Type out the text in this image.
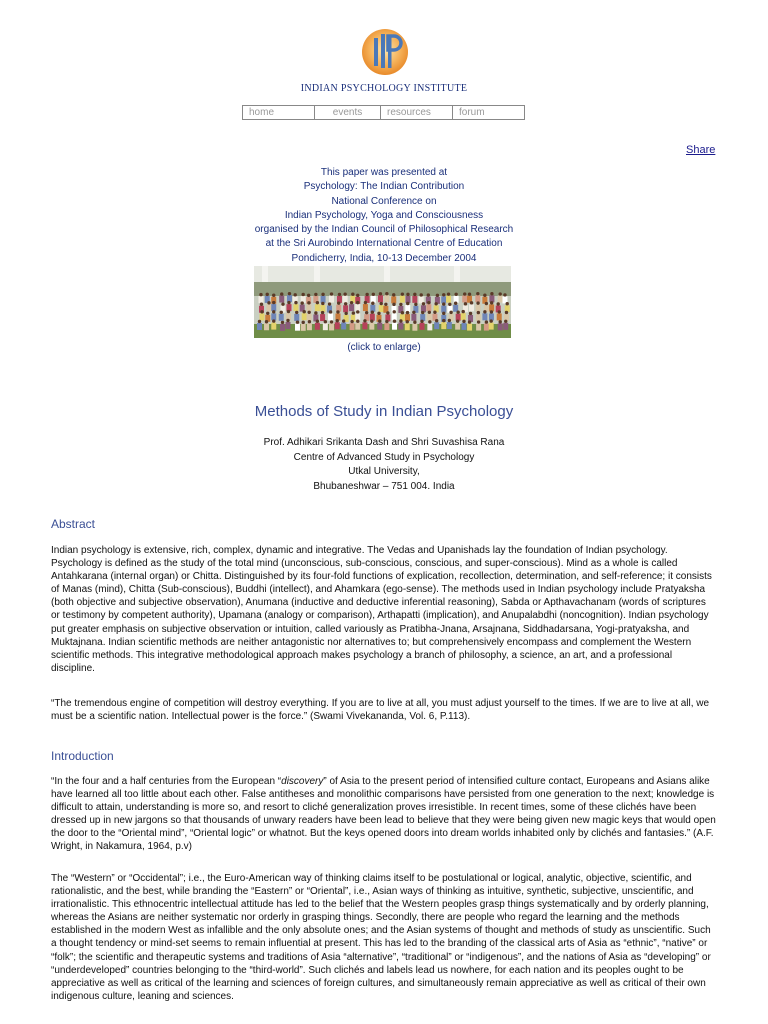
INDIAN PSYCHOLOGY INSTITUTE
home	events	resources	forum
Share
This paper was presented at
Psychology: The Indian Contribution
National Conference on
Indian Psychology, Yoga and Consciousness
organised by the Indian Council of Philosophical Research
at the Sri Aurobindo International Centre of Education
Pondicherry, India, 10-13 December 2004
(click to enlarge)
Methods of Study in Indian Psychology
Prof. Adhikari Srikanta Dash and Shri Suvashisa Rana
Centre of Advanced Study in Psychology
Utkal University,
Bhubaneshwar – 751 004. India
Abstract

Indian psychology is extensive, rich, complex, dynamic and integrative. The Vedas and Upanishads lay the foundation of Indian psychology. Psychology is defined as the study of the total mind (unconscious, sub-conscious, conscious, and super-conscious). Mind as a whole is called Antahkarana (internal organ) or Chitta. Distinguished by its four-fold functions of explication, recollection, determination, and self-reference; it consists of Manas (mind), Chitta (Sub-conscious), Buddhi (intellect), and Ahamkara (ego-sense). The methods used in Indian psychology include Pratyaksha (both objective and subjective observation), Anumana (inductive and deductive inferential reasoning), Sabda or Apthavachanam (words of scriptures or testimony by competent authority), Upamana (analogy or comparison), Arthapatti (implication), and Anupalabdhi (noncognition). Indian psychology put greater emphasis on subjective observation or intuition, called variously as Pratibha-Jnana, Arsajnana, Siddhadarsana, Yogi-pratyaksha, and Muktajnana. Indian scientific methods are neither antagonistic nor alternatives to; but comprehensively encompass and complement the Western scientific methods. This integrative methodological approach makes psychology a branch of philosophy, a science, an art, and a professional discipline.

“The tremendous engine of competition will destroy everything. If you are to live at all, you must adjust yourself to the times. If we are to live at all, we must be a scientific nation. Intellectual power is the force.” (Swami Vivekananda, Vol. 6, P.113).

Introduction

“In the four and a half centuries from the European “discovery” of Asia to the present period of intensified culture contact, Europeans and Asians alike have learned all too little about each other. False antitheses and monolithic comparisons have persisted from one generation to the next; knowledge is difficult to attain, understanding is more so, and resort to cliché generalization proves irresistible. In recent times, some of these clichés have been dressed up in new jargons so that thousands of unwary readers have been lead to believe that they were being given new magic keys that would open the door to the “Oriental mind”, “Oriental logic” or whatnot. But the keys opened doors into dream worlds inhabited only by clichés and fantasies.” (A.F. Wright, in Nakamura, 1964, p.v)

The “Western” or “Occidental”; i.e., the Euro-American way of thinking claims itself to be postulational or logical, analytic, objective, scientific, and rationalistic, and the best, while branding the “Eastern” or “Oriental”, i.e., Asian ways of thinking as intuitive, synthetic, subjective, unscientific, and irrationalistic. This ethnocentric intellectual attitude has led to the belief that the Western peoples grasp things systematically and by orderly planning, whereas the Asians are neither systematic nor orderly in grasping things. Secondly, there are people who regard the learning and the methods established in the modern West as infallible and the only absolute ones; and the Asian systems of thought and methods of study as unscientific. Such a thought tendency or mind-set seems to remain influential at present. This has led to the branding of the classical arts of Asia as “ethnic”, “native” or “folk”; the scientific and therapeutic systems and traditions of Asia “alternative”, “traditional” or “indigenous”, and the nations of Asia as “developing” or “underdeveloped” countries belonging to the “third-world”. Such clichés and labels lead us nowhere, for each nation and its peoples ought to be appreciative as well as critical of the learning and sciences of foreign cultures, and simultaneously remain appreciative as well as critical of their own indigenous culture, leaning and sciences.
